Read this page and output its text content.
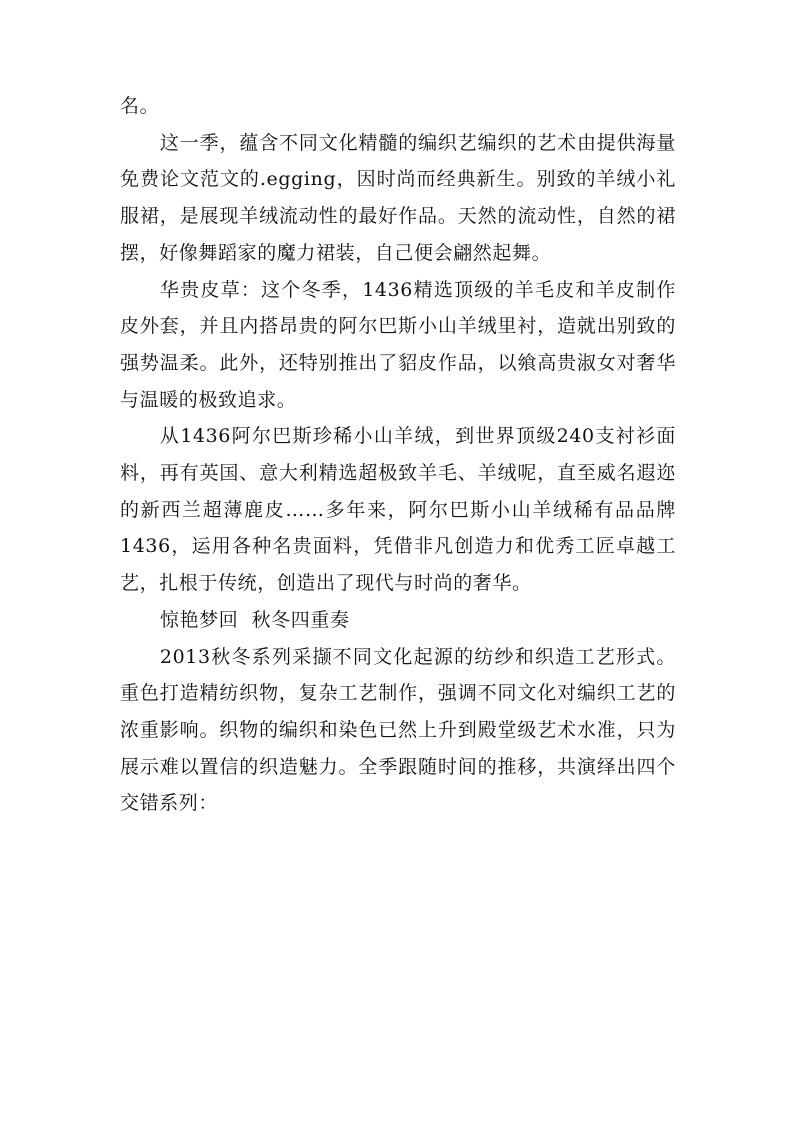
名。

这一季，蕴含不同文化精髓的编织艺编织的艺术由提供海量免费论文范文的.egging，因时尚而经典新生。别致的羊绒小礼服裙，是展现羊绒流动性的最好作品。天然的流动性，自然的裙摆，好像舞蹈家的魔力裙装，自己便会翩然起舞。

华贵皮草：这个冬季，1436精选顶级的羊毛皮和羊皮制作皮外套，并且内搭昂贵的阿尔巴斯小山羊绒里衬，造就出别致的强势温柔。此外，还特别推出了貂皮作品，以飨高贵淑女对奢华与温暖的极致追求。

从1436阿尔巴斯珍稀小山羊绒，到世界顶级240支衬衫面料，再有英国、意大利精选超极致羊毛、羊绒呢，直至威名遐迩的新西兰超薄鹿皮……多年来，阿尔巴斯小山羊绒稀有品品牌1436，运用各种名贵面料，凭借非凡创造力和优秀工匠卓越工艺，扎根于传统，创造出了现代与时尚的奢华。

惊艳梦回  秋冬四重奏

2013秋冬系列采撷不同文化起源的纺纱和织造工艺形式。重色打造精纺织物，复杂工艺制作，强调不同文化对编织工艺的浓重影响。织物的编织和染色已然上升到殿堂级艺术水准，只为展示难以置信的织造魅力。全季跟随时间的推移，共演绎出四个交错系列：
